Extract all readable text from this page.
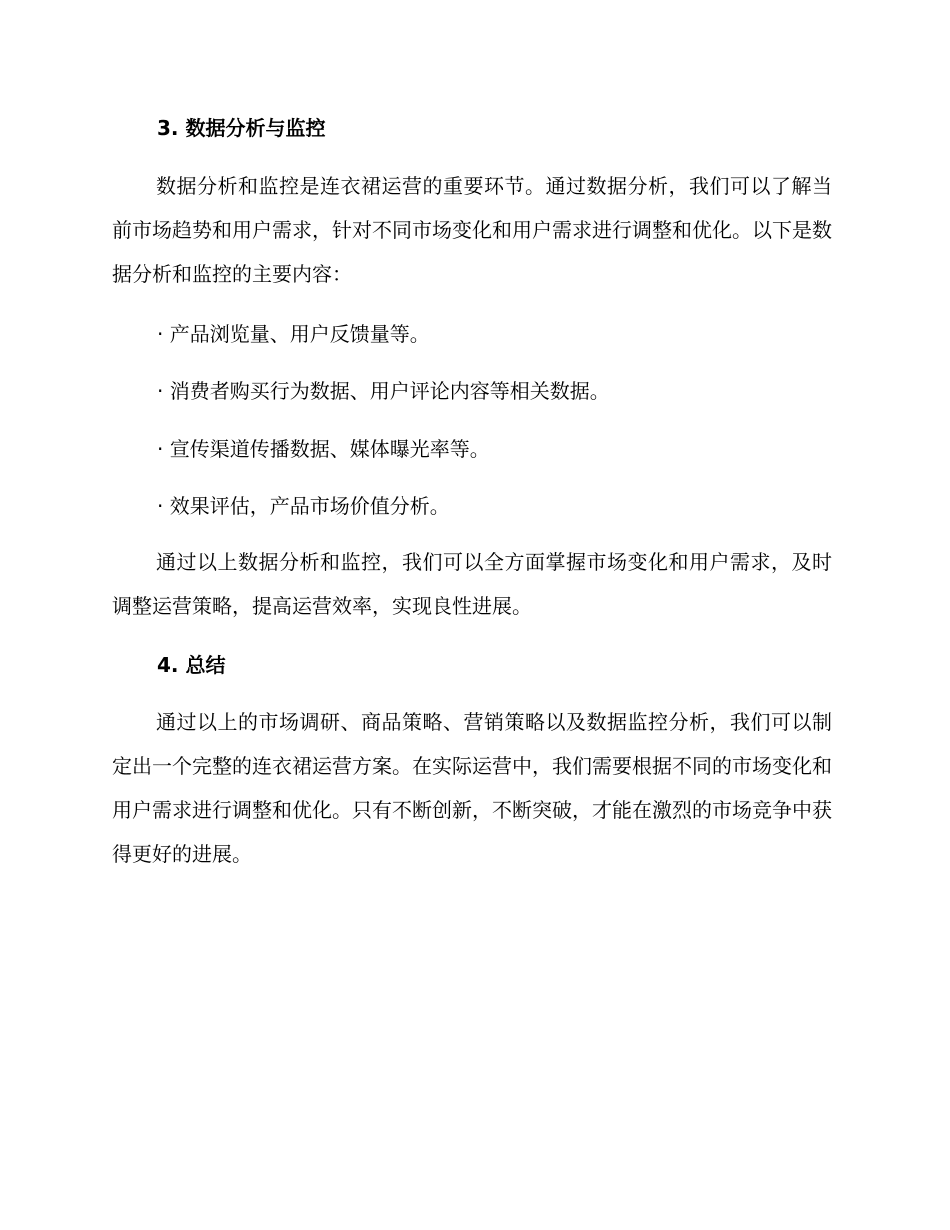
3. 数据分析与监控
数据分析和监控是连衣裙运营的重要环节。通过数据分析，我们可以了解当前市场趋势和用户需求，针对不同市场变化和用户需求进行调整和优化。以下是数据分析和监控的主要内容：
· 产品浏览量、用户反馈量等。
· 消费者购买行为数据、用户评论内容等相关数据。
· 宣传渠道传播数据、媒体曝光率等。
· 效果评估，产品市场价值分析。
通过以上数据分析和监控，我们可以全方面掌握市场变化和用户需求，及时调整运营策略，提高运营效率，实现良性进展。
4. 总结
通过以上的市场调研、商品策略、营销策略以及数据监控分析，我们可以制定出一个完整的连衣裙运营方案。在实际运营中，我们需要根据不同的市场变化和用户需求进行调整和优化。只有不断创新，不断突破，才能在激烈的市场竞争中获得更好的进展。
